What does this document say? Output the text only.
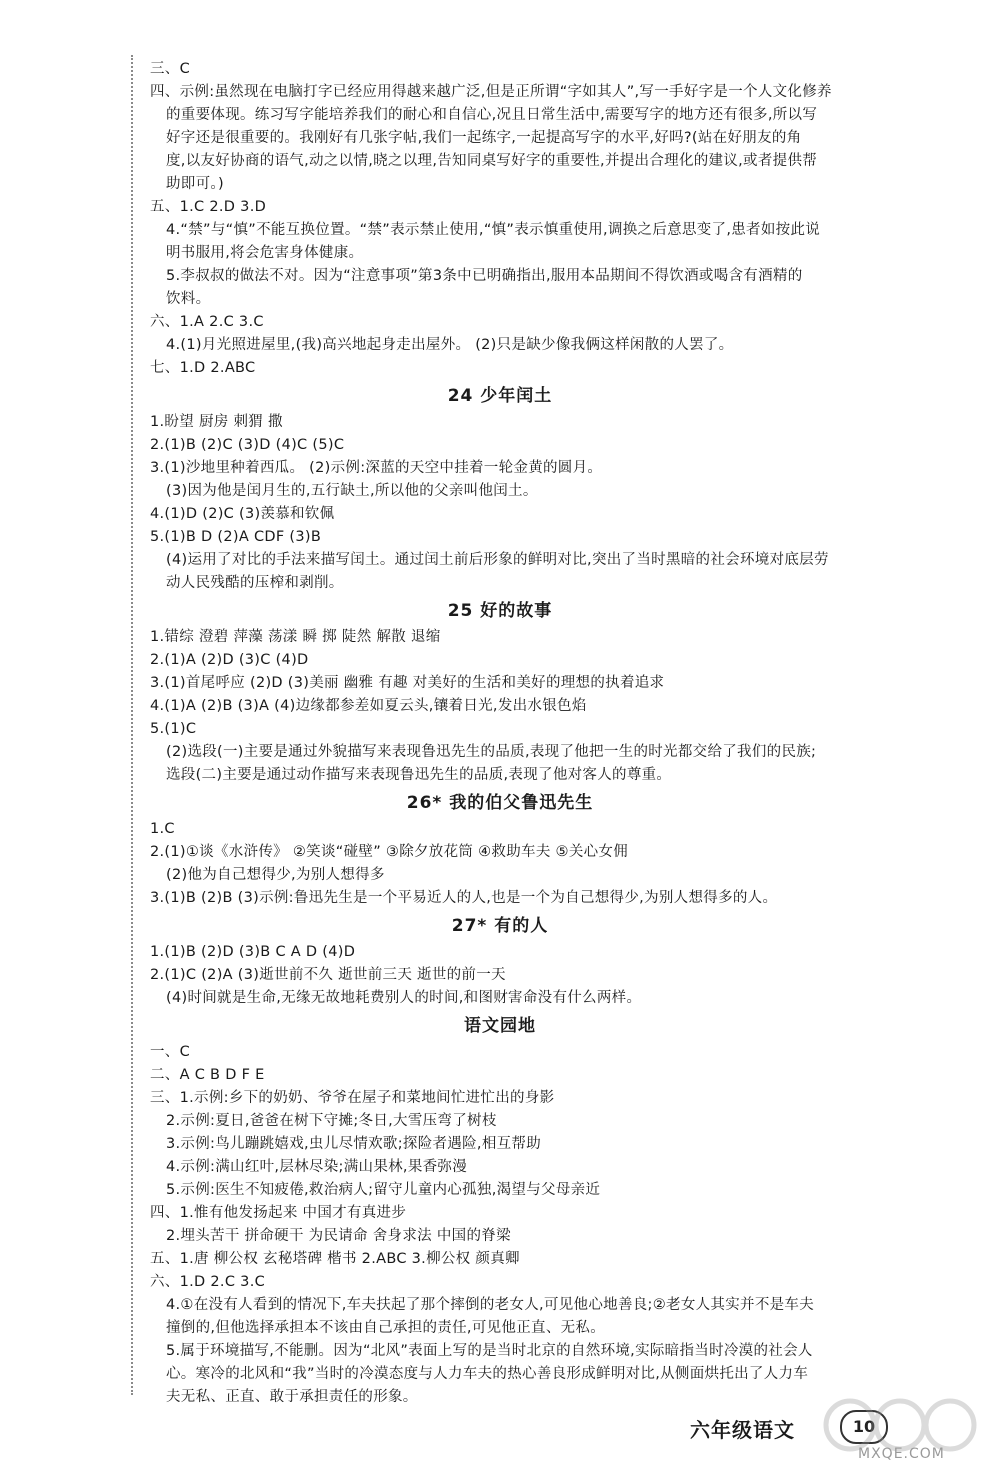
三、C
四、示例:虽然现在电脑打字已经应用得越来越广泛,但是正所谓“字如其人”,写一手好字是一个人文化修养
的重要体现。练习写字能培养我们的耐心和自信心,况且日常生活中,需要写字的地方还有很多,所以写
好字还是很重要的。我刚好有几张字帖,我们一起练字,一起提高写字的水平,好吗?(站在好朋友的角
度,以友好协商的语气,动之以情,晓之以理,告知同桌写好字的重要性,并提出合理化的建议,或者提供帮
助即可。)
五、1.C 2.D 3.D
4.“禁”与“慎”不能互换位置。“禁”表示禁止使用,“慎”表示慎重使用,调换之后意思变了,患者如按此说
明书服用,将会危害身体健康。
5.李叔叔的做法不对。因为“注意事项”第3条中已明确指出,服用本品期间不得饮酒或喝含有酒精的
饮料。
六、1.A 2.C 3.C
4.(1)月光照进屋里,(我)高兴地起身走出屋外。 (2)只是缺少像我俩这样闲散的人罢了。
七、1.D 2.ABC
24 少年闰土
1.盼望 厨房 刺猬 撒
2.(1)B (2)C (3)D (4)C (5)C
3.(1)沙地里种着西瓜。 (2)示例:深蓝的天空中挂着一轮金黄的圆月。
(3)因为他是闰月生的,五行缺土,所以他的父亲叫他闰土。
4.(1)D (2)C (3)羡慕和钦佩
5.(1)B D (2)A CDF (3)B
(4)运用了对比的手法来描写闰土。通过闰土前后形象的鲜明对比,突出了当时黑暗的社会环境对底层劳
动人民残酷的压榨和剥削。
25 好的故事
1.错综 澄碧 萍藻 荡漾 瞬 掷 陡然 解散 退缩
2.(1)A (2)D (3)C (4)D
3.(1)首尾呼应 (2)D (3)美丽 幽雅 有趣 对美好的生活和美好的理想的执着追求
4.(1)A (2)B (3)A (4)边缘都参差如夏云头,镶着日光,发出水银色焰
5.(1)C
(2)选段(一)主要是通过外貌描写来表现鲁迅先生的品质,表现了他把一生的时光都交给了我们的民族;
选段(二)主要是通过动作描写来表现鲁迅先生的品质,表现了他对客人的尊重。
26* 我的伯父鲁迅先生
1.C
2.(1)①谈《水浒传》 ②笑谈“碰壁” ③除夕放花筒 ④救助车夫 ⑤关心女佣
(2)他为自己想得少,为别人想得多
3.(1)B (2)B (3)示例:鲁迅先生是一个平易近人的人,也是一个为自己想得少,为别人想得多的人。
27* 有的人
1.(1)B (2)D (3)B C A D (4)D
2.(1)C (2)A (3)逝世前不久 逝世前三天 逝世的前一天
(4)时间就是生命,无缘无故地耗费别人的时间,和图财害命没有什么两样。
语文园地
一、C
二、A C B D F E
三、1.示例:乡下的奶奶、爷爷在屋子和菜地间忙进忙出的身影
2.示例:夏日,爸爸在树下守摊;冬日,大雪压弯了树枝
3.示例:鸟儿蹦跳嬉戏,虫儿尽情欢歌;探险者遇险,相互帮助
4.示例:满山红叶,层林尽染;满山果林,果香弥漫
5.示例:医生不知疲倦,救治病人;留守儿童内心孤独,渴望与父母亲近
四、1.惟有他发扬起来 中国才有真进步
2.埋头苦干 拼命硬干 为民请命 舍身求法 中国的脊梁
五、1.唐 柳公权 玄秘塔碑 楷书 2.ABC 3.柳公权 颜真卿
六、1.D 2.C 3.C
4.①在没有人看到的情况下,车夫扶起了那个摔倒的老女人,可见他心地善良;②老女人其实并不是车夫
撞倒的,但他选择承担本不该由自己承担的责任,可见他正直、无私。
5.属于环境描写,不能删。因为“北风”表面上写的是当时北京的自然环境,实际暗指当时冷漠的社会人
心。寒冷的北风和“我”当时的冷漠态度与人力车夫的热心善良形成鲜明对比,从侧面烘托出了人力车
夫无私、正直、敢于承担责任的形象。
六年级语文	10
MXQE.COM
